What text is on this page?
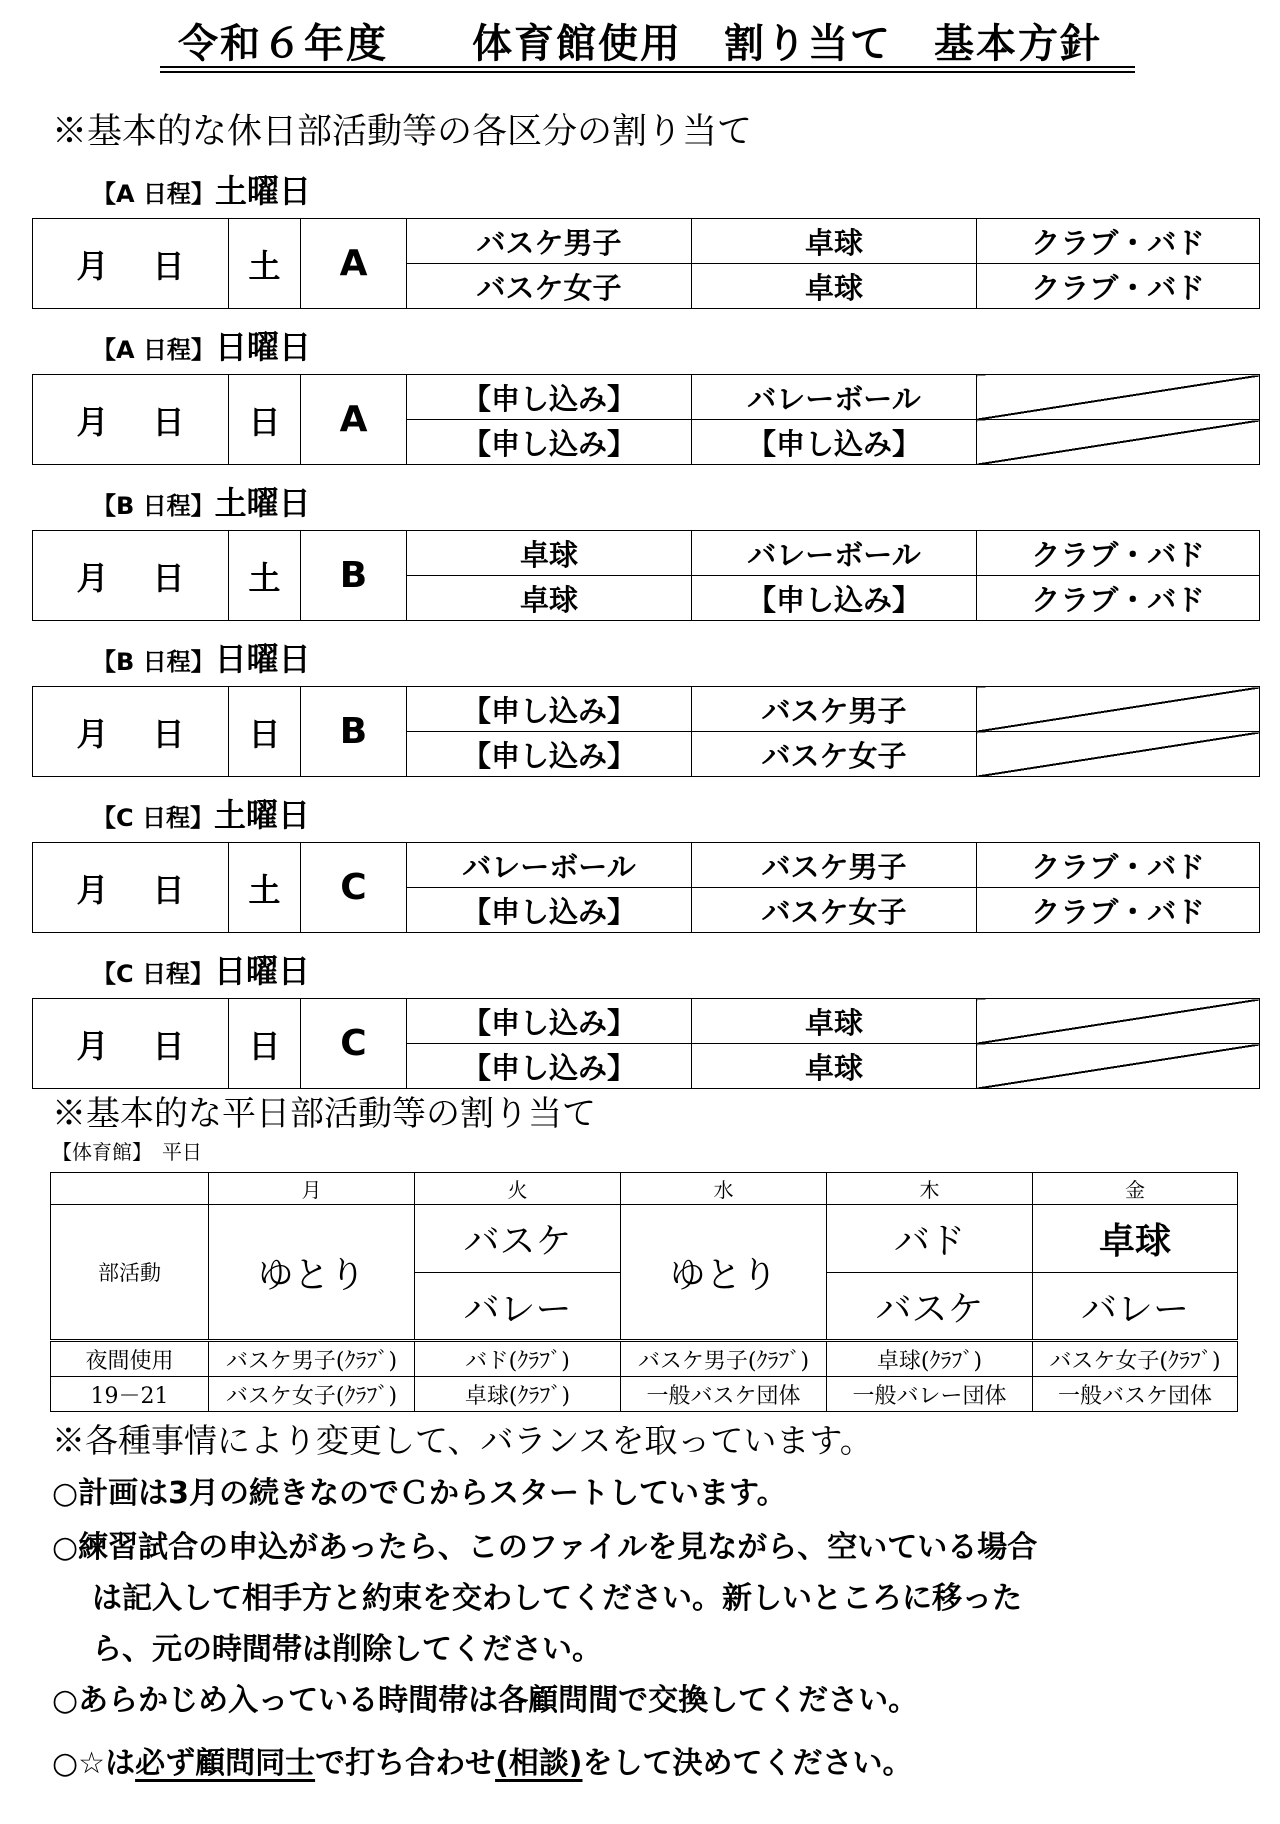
令和６年度　　体育館使用　割り当て　基本方針
※基本的な休日部活動等の各区分の割り当て
【A 日程】土曜日
月 日	土	A	バスケ男子	卓球	クラブ・バド
			バスケ女子	卓球	クラブ・バド
【A 日程】日曜日
月 日	日	A	【申し込み】	バレーボール	
			【申し込み】	【申し込み】	
【B 日程】土曜日
月 日	土	B	卓球	バレーボール	クラブ・バド
			卓球	【申し込み】	クラブ・バド
【B 日程】日曜日
月 日	日	B	【申し込み】	バスケ男子	
			【申し込み】	バスケ女子	
【C 日程】土曜日
月 日	土	C	バレーボール	バスケ男子	クラブ・バド
			【申し込み】	バスケ女子	クラブ・バド
【C 日程】日曜日
月 日	日	C	【申し込み】	卓球	
			【申し込み】	卓球	
※基本的な平日部活動等の割り当て
【体育館】　平日
	月	火	水	木	金
部活動	ゆとり	バスケ	ゆとり	バド	卓球
		バレー		バスケ	バレー
夜間使用	バスケ男子(ｸﾗﾌﾞ)	バド(ｸﾗﾌﾞ)	バスケ男子(ｸﾗﾌﾞ)	卓球(ｸﾗﾌﾞ)	バスケ女子(ｸﾗﾌﾞ)
19－21	バスケ女子(ｸﾗﾌﾞ)	卓球(ｸﾗﾌﾞ)	一般バスケ団体	一般バレー団体	一般バスケ団体
※各種事情により変更して、バランスを取っています。
○計画は3月の続きなのでＣからスタートしています。
○練習試合の申込があったら、このファイルを見ながら、空いている場合
は記入して相手方と約束を交わしてください。新しいところに移った
ら、元の時間帯は削除してください。
○あらかじめ入っている時間帯は各顧問間で交換してください。
○☆は必ず顧問同士で打ち合わせ(相談)をして決めてください。
